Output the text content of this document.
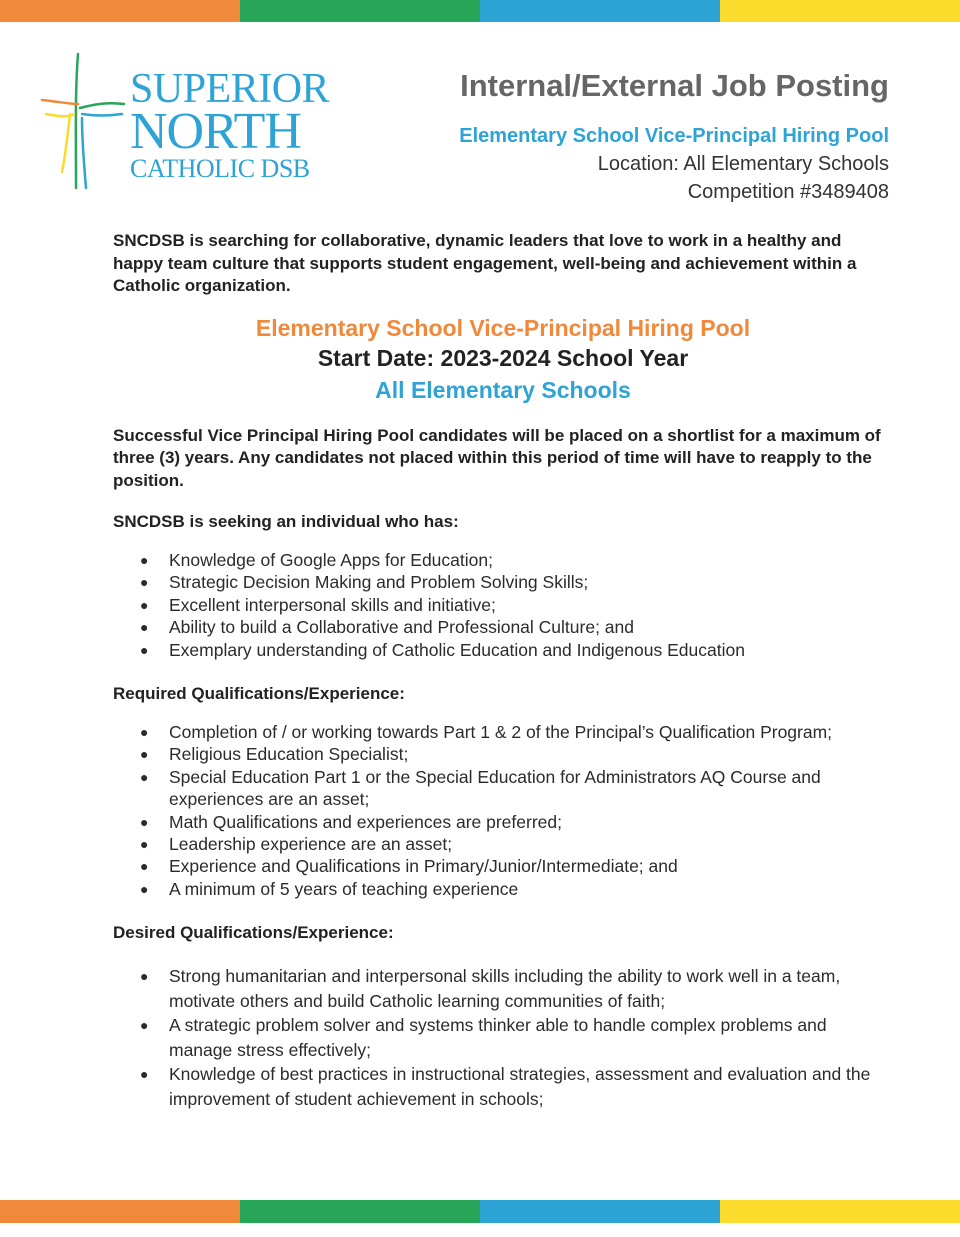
SUPERIOR
NORTH
CATHOLIC DSB
Internal/External Job Posting
Elementary School Vice-Principal Hiring Pool
Location: All Elementary Schools
Competition #3489408

SNCDSB is searching for collaborative, dynamic leaders that love to work in a healthy and happy team culture that supports student engagement, well-being and achievement within a Catholic organization.

Elementary School Vice-Principal Hiring Pool
Start Date: 2023-2024 School Year
All Elementary Schools

Successful Vice Principal Hiring Pool candidates will be placed on a shortlist for a maximum of three (3) years. Any candidates not placed within this period of time will have to reapply to the position.

SNCDSB is seeking an individual who has:
● Knowledge of Google Apps for Education;
● Strategic Decision Making and Problem Solving Skills;
● Excellent interpersonal skills and initiative;
● Ability to build a Collaborative and Professional Culture; and
● Exemplary understanding of Catholic Education and Indigenous Education
Required Qualifications/Experience:
● Completion of / or working towards Part 1 & 2 of the Principal’s Qualification Program;
● Religious Education Specialist;
● Special Education Part 1 or the Special Education for Administrators AQ Course and experiences are an asset;
● Math Qualifications and experiences are preferred;
● Leadership experience are an asset;
● Experience and Qualifications in Primary/Junior/Intermediate; and
● A minimum of 5 years of teaching experience
Desired Qualifications/Experience:
● Strong humanitarian and interpersonal skills including the ability to work well in a team, motivate others and build Catholic learning communities of faith;
● A strategic problem solver and systems thinker able to handle complex problems and manage stress effectively;
● Knowledge of best practices in instructional strategies, assessment and evaluation and the improvement of student achievement in schools;
